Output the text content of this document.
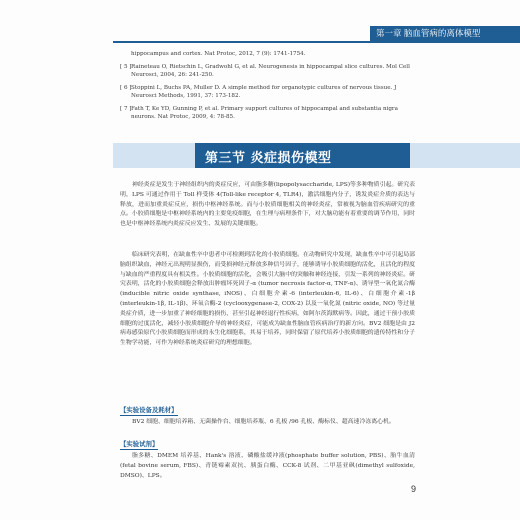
第一章 脑血管病的离体模型
hippocampus and cortex. Nat Protoc, 2012, 7 (9): 1741-1754.
[ 5 ] Raineteau O, Rietschin L, Gradwohl G, et al. Neurogenesis in hippocampal slice cultures. Mol Cell Neurosci, 2004, 26: 241-250.
[ 6 ] Stoppini L, Buchs PA, Muller D. A simple method for organotypic cultures of nervous tissue. J Neurosci Methods, 1991, 37: 173-182.
[ 7 ] Fath T, Ke YD, Gunning P, et al. Primary support cultures of hippocampal and substantia nigra neurons. Nat Protoc, 2009, 4: 78-85.
第三节 炎症损伤模型
神经炎症是发生于神经组织内的炎症反应，可由脂多糖(lipopolysaccharide, LPS)等多种物质引起。研究表明，LPS 可通过作用于 Toll 样受体 4(Toll-like receptor 4, TLR4)，激活细胞内分子，诱发炎症介质的表达与释放，进而加重炎症反应，损伤中枢神经系统。而与小胶质细胞相关的神经炎症，常被视为脑血管疾病研究的重点。小胶质细胞是中枢神经系统内的主要免疫细胞，在生理与病理条件下，对大脑功能有着重要的调节作用，同时也是中枢神经系统内炎症反应发生、发展的关键细胞。
临床研究表明，在缺血性卒中患者中可检测到活化的小胶质细胞。在动物研究中发现，缺血性卒中可引起局部脑组织缺血，神经元出现明显损伤，而受损神经元释放多种信号因子，能够诱导小胶质细胞的活化，且活化的程度与缺血的严重程度具有相关性。小胶质细胞的活化，会吸引大脑中的突触和神经连接，引发一系列的神经炎症。研究表明，活化的小胶质细胞会释放出肿瘤坏死因子-α (tumor necrosis factor-α, TNF-α)、诱导型一氧化氮合酶 (inducible nitric oxide synthase, iNOS)、白细胞介素-6 (interleukin-6, IL-6)、白细胞介素-1β (interleukin-1β, IL-1β)、环氧合酶-2 (cyclooxygenase-2, COX-2) 以及一氧化氮 (nitric oxide, NO) 等过量炎症介质，进一步加重了神经细胞的损伤，甚至引起神经退行性疾病，如阿尔茨海默病等。因此，通过干预小胶质细胞的过度活化，减轻小胶质细胞介导的神经炎症，可能成为缺血性脑血管疾病治疗的新方向。BV2 细胞是由 J2 病毒感染原代小胶质细胞而形成的永生化细胞系，其易于培养，同时保留了原代培养小胶质细胞的遗传特性和分子生物学功能，可作为神经系统炎症研究的理想细胞。
【实验设备及耗材】
BV2 细胞、细胞培养箱、无菌操作台、细胞培养瓶、6 孔板 /96 孔板、酶标仪、超高速冷冻离心机。
【实验试剂】
脂多糖、DMEM 培养基、Hank's 溶液、磷酸盐缓冲液(phosphate buffer solution, PBS)、胎牛血清(fetal bovine serum, FBS)、青链霉素双抗、胰蛋白酶、CCK-8 试剂、二甲基亚砜(dimethyl sulfoxide, DMSO)、LPS。
9
